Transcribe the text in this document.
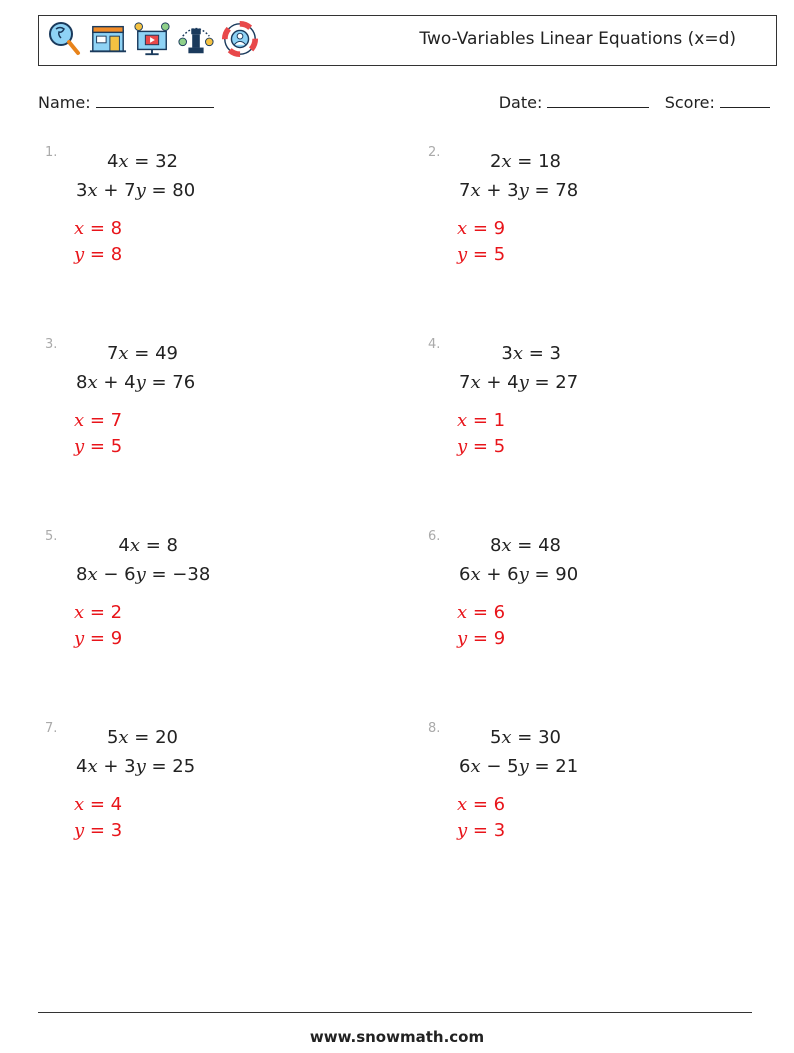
Two-Variables Linear Equations (x=d)
Name:	Date:	Score:
1.	4x = 32
3x + 7y = 80
x = 8
y = 8
2.	2x = 18
7x + 3y = 78
x = 9
y = 5
3.	7x = 49
8x + 4y = 76
x = 7
y = 5
4.	3x = 3
7x + 4y = 27
x = 1
y = 5
5.	4x = 8
8x − 6y = −38
x = 2
y = 9
6.	8x = 48
6x + 6y = 90
x = 6
y = 9
7.	5x = 20
4x + 3y = 25
x = 4
y = 3
8.	5x = 30
6x − 5y = 21
x = 6
y = 3
www.snowmath.com
